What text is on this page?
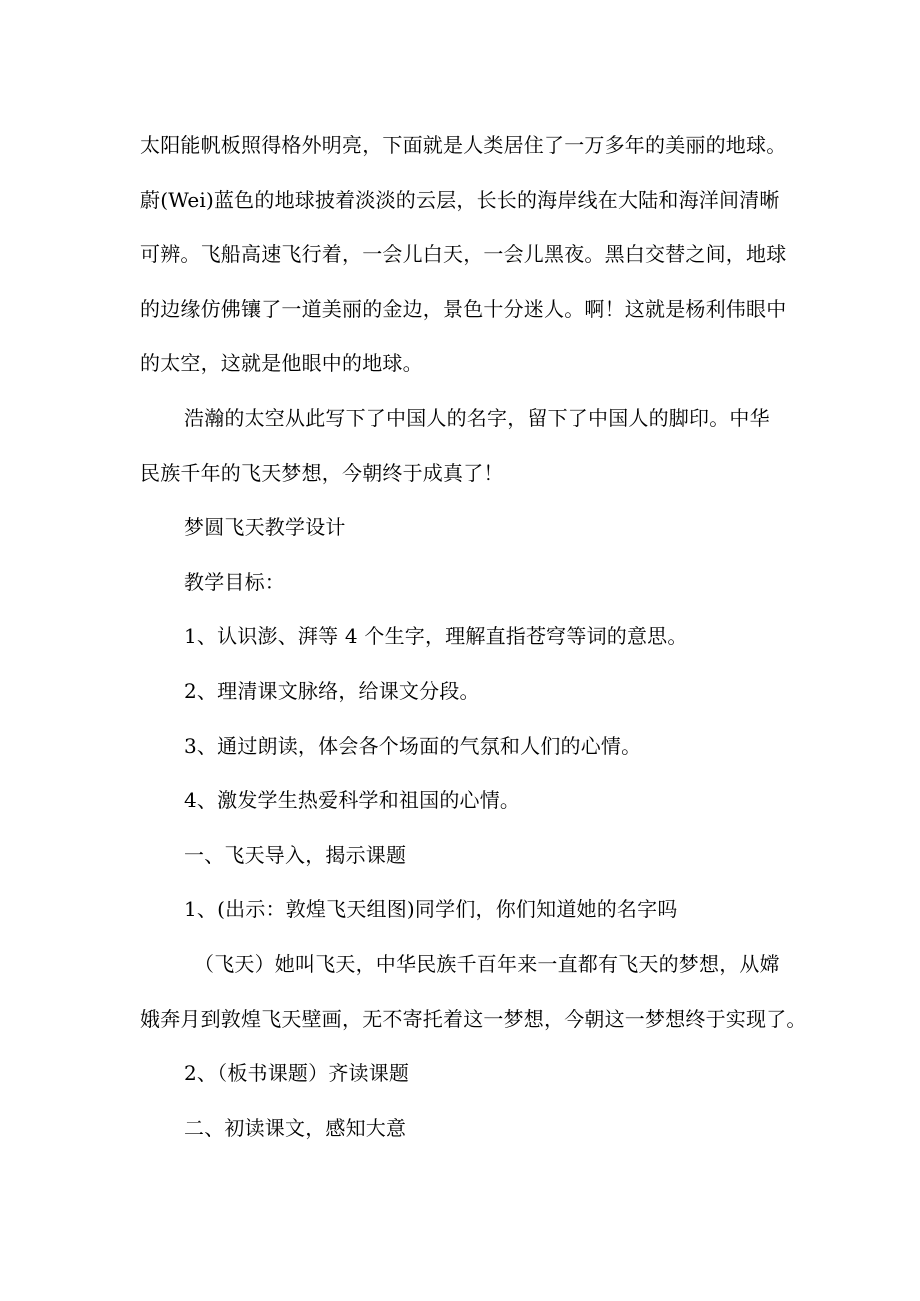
太阳能帆板照得格外明亮，下面就是人类居住了一万多年的美丽的地球。
蔚(Wei)蓝色的地球披着淡淡的云层，长长的海岸线在大陆和海洋间清晰
可辨。飞船高速飞行着，一会儿白天，一会儿黑夜。黑白交替之间，地球
的边缘仿佛镶了一道美丽的金边，景色十分迷人。啊！这就是杨利伟眼中
的太空，这就是他眼中的地球。
浩瀚的太空从此写下了中国人的名字，留下了中国人的脚印。中华
民族千年的飞天梦想，今朝终于成真了！
梦圆飞天教学设计
教学目标：
1、认识澎、湃等 4 个生字，理解直指苍穹等词的意思。
2、理清课文脉络，给课文分段。
3、通过朗读，体会各个场面的气氛和人们的心情。
4、激发学生热爱科学和祖国的心情。
一、飞天导入，揭示课题
1、(出示：敦煌飞天组图)同学们，你们知道她的名字吗
（飞天）她叫飞天，中华民族千百年来一直都有飞天的梦想，从嫦
娥奔月到敦煌飞天壁画，无不寄托着这一梦想，今朝这一梦想终于实现了。
2、（板书课题）齐读课题
二、初读课文，感知大意
